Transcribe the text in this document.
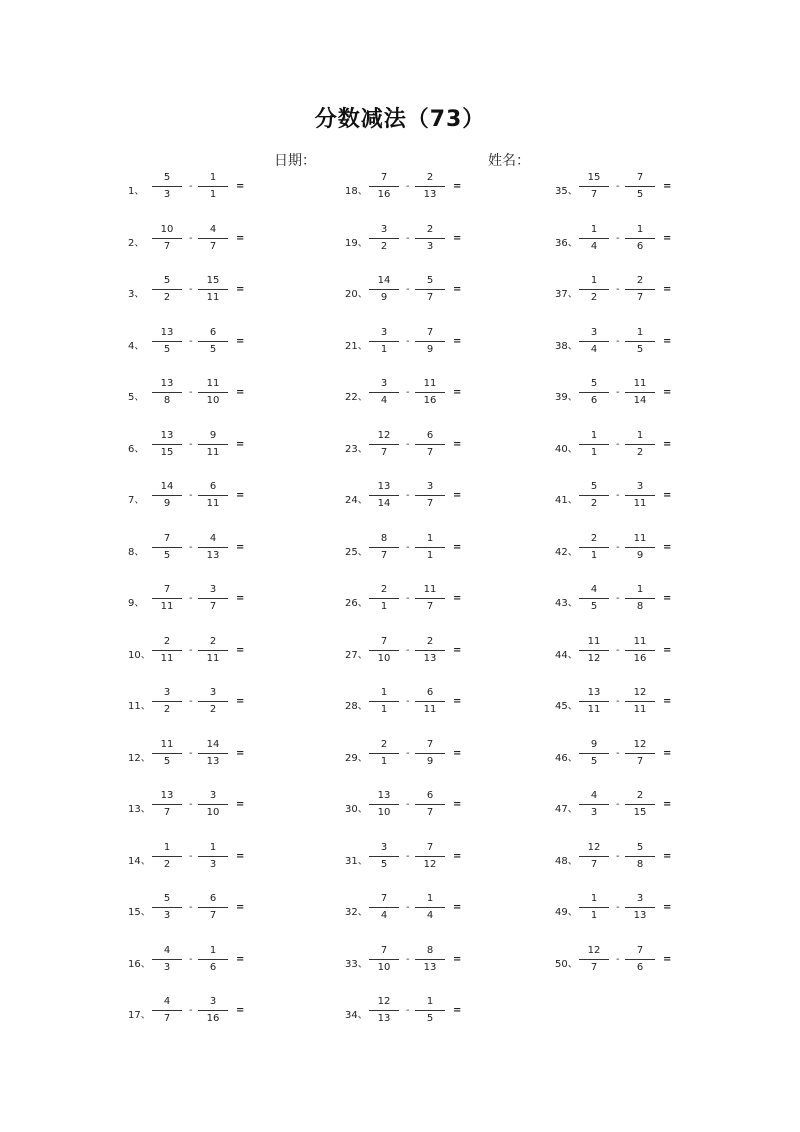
分数减法（73）
日期：	姓名：
1、
5
3
-
1
1
=
2、
10
7
-
4
7
=
3、
5
2
-
15
11
=
4、
13
5
-
6
5
=
5、
13
8
-
11
10
=
6、
13
15
-
9
11
=
7、
14
9
-
6
11
=
8、
7
5
-
4
13
=
9、
7
11
-
3
7
=
10、
2
11
-
2
11
=
11、
3
2
-
3
2
=
12、
11
5
-
14
13
=
13、
13
7
-
3
10
=
14、
1
2
-
1
3
=
15、
5
3
-
6
7
=
16、
4
3
-
1
6
=
17、
4
7
-
3
16
=
18、
7
16
-
2
13
=
19、
3
2
-
2
3
=
20、
14
9
-
5
7
=
21、
3
1
-
7
9
=
22、
3
4
-
11
16
=
23、
12
7
-
6
7
=
24、
13
14
-
3
7
=
25、
8
7
-
1
1
=
26、
2
1
-
11
7
=
27、
7
10
-
2
13
=
28、
1
1
-
6
11
=
29、
2
1
-
7
9
=
30、
13
10
-
6
7
=
31、
3
5
-
7
12
=
32、
7
4
-
1
4
=
33、
7
10
-
8
13
=
34、
12
13
-
1
5
=
35、
15
7
-
7
5
=
36、
1
4
-
1
6
=
37、
1
2
-
2
7
=
38、
3
4
-
1
5
=
39、
5
6
-
11
14
=
40、
1
1
-
1
2
=
41、
5
2
-
3
11
=
42、
2
1
-
11
9
=
43、
4
5
-
1
8
=
44、
11
12
-
11
16
=
45、
13
11
-
12
11
=
46、
9
5
-
12
7
=
47、
4
3
-
2
15
=
48、
12
7
-
5
8
=
49、
1
1
-
3
13
=
50、
12
7
-
7
6
=
